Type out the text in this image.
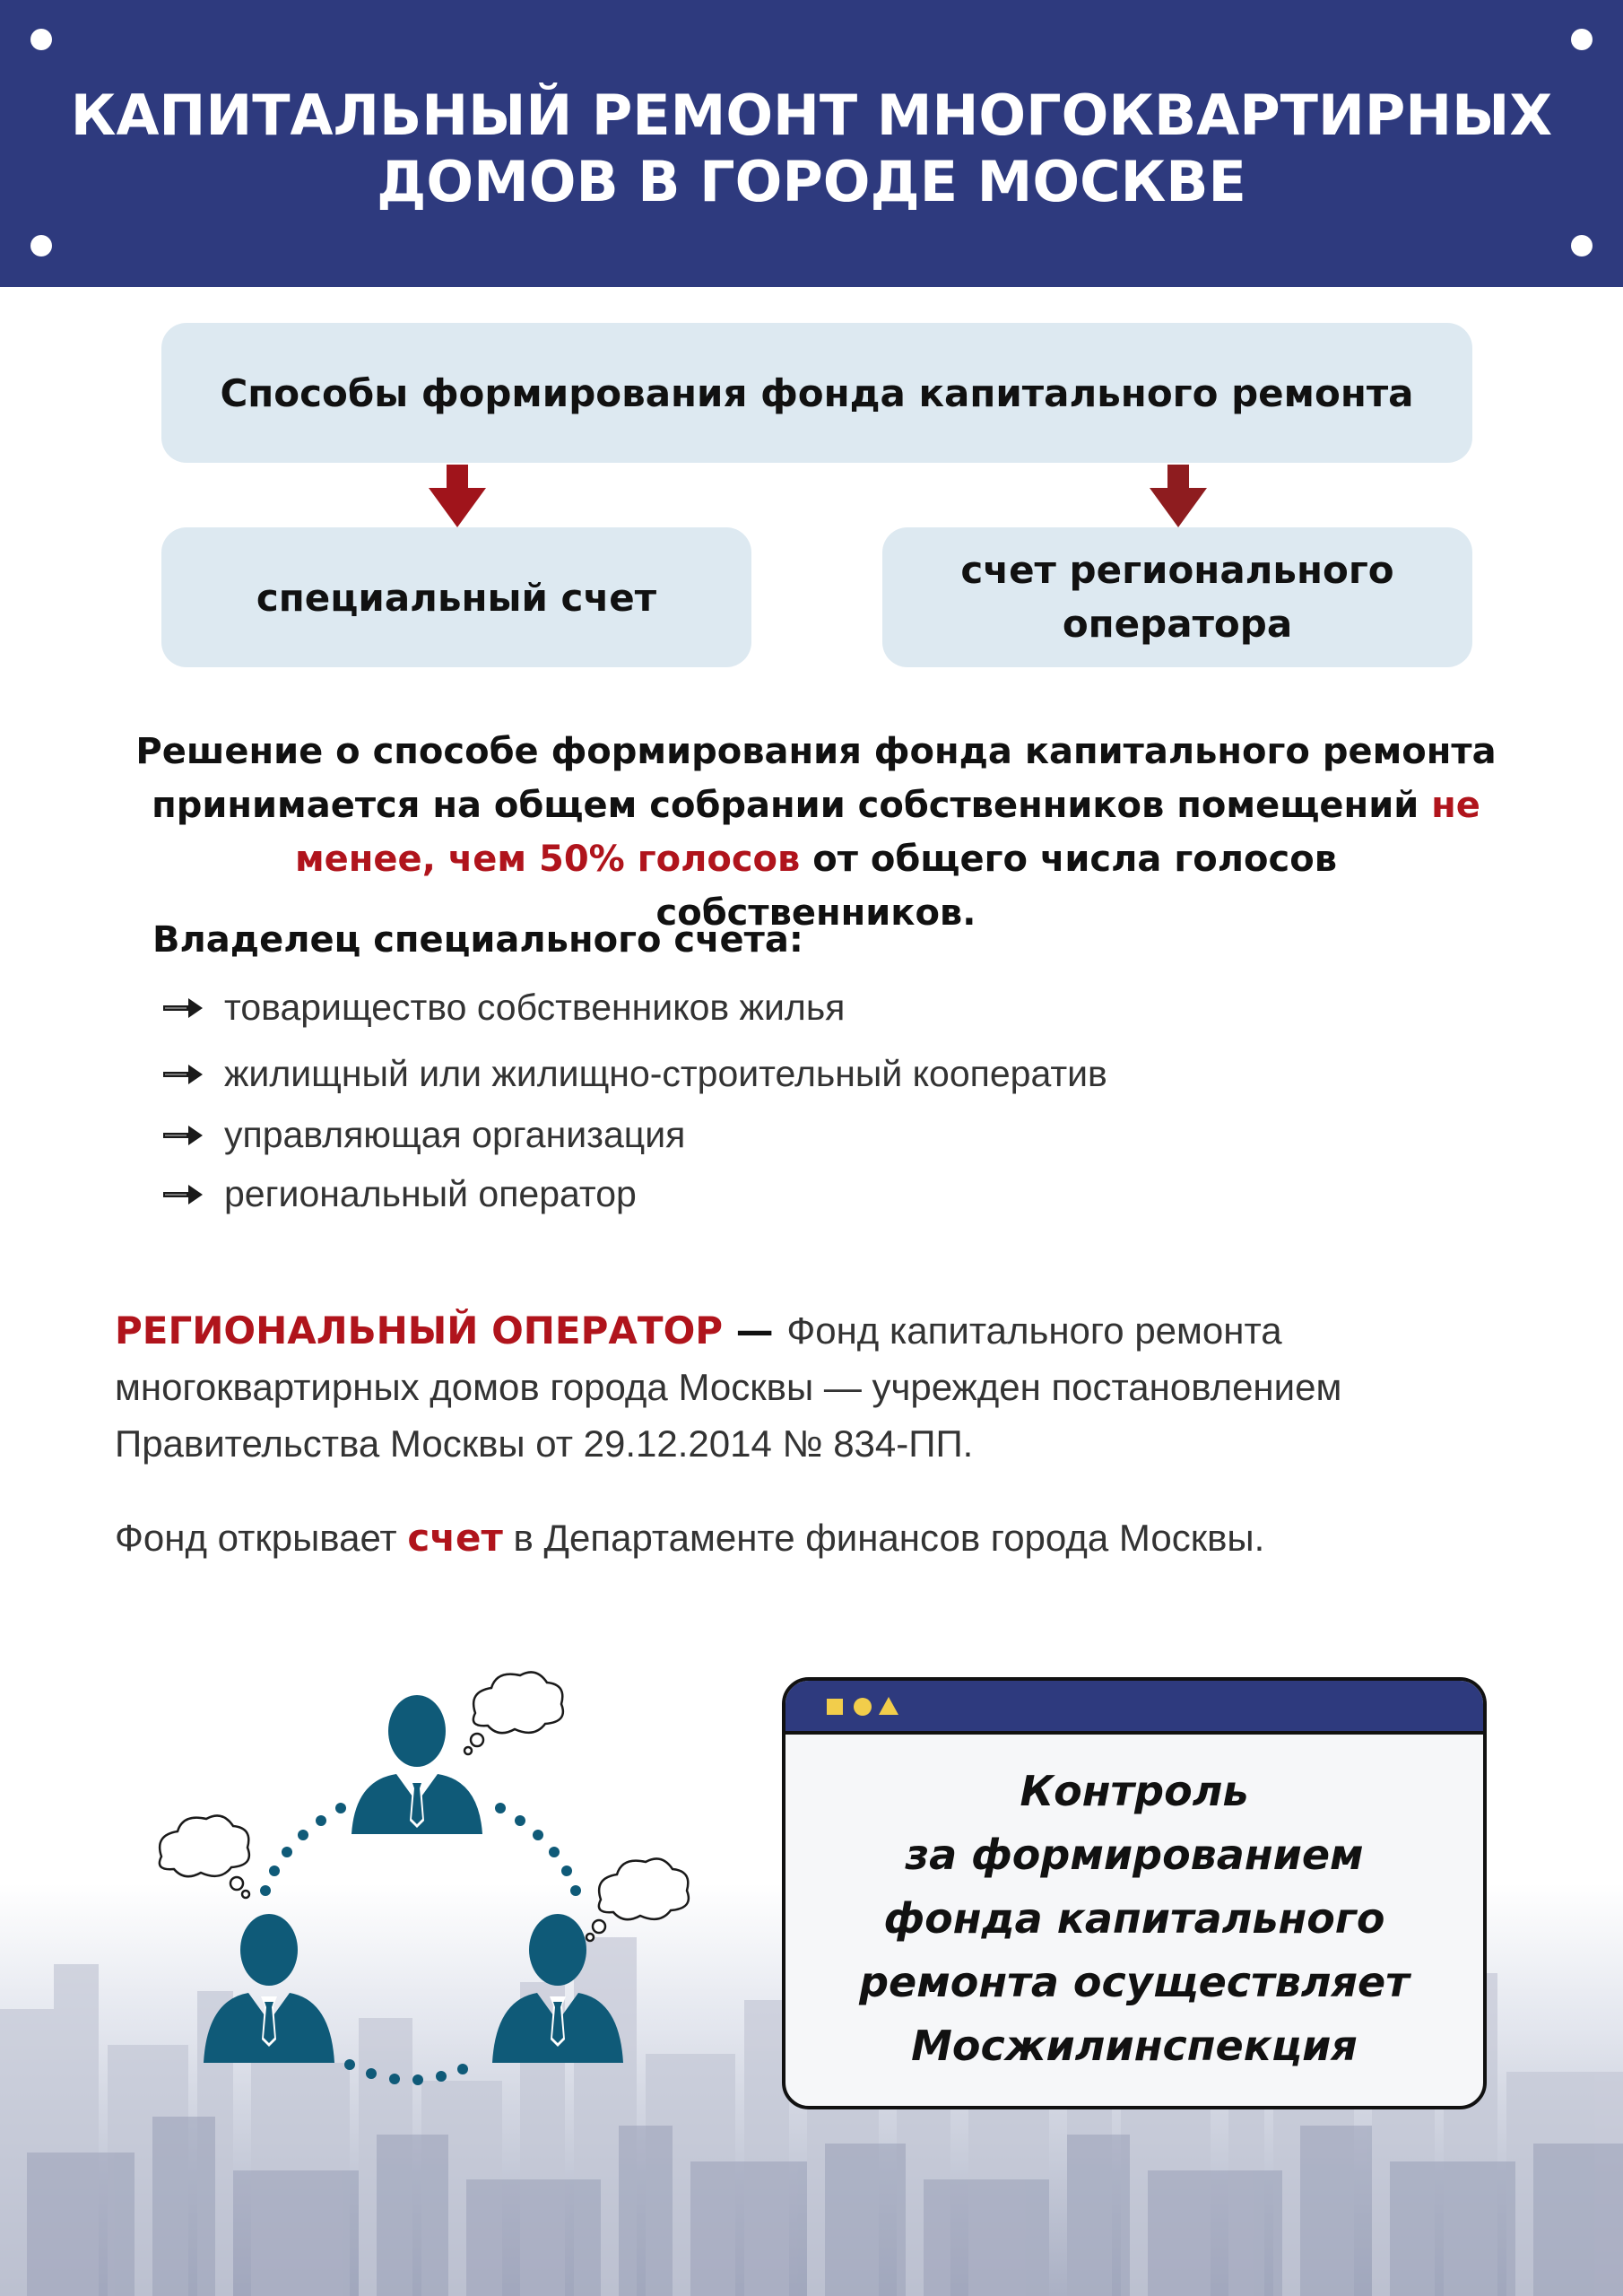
КАПИТАЛЬНЫЙ РЕМОНТ МНОГОКВАРТИРНЫХ
ДОМОВ В ГОРОДЕ МОСКВЕ
Способы формирования фонда капитального ремонта
специальный счет
счет регионального
оператора
Решение о способе формирования фонда капитального ремонта принимается на общем собрании собственников помещений не менее, чем 50% голосов от общего числа голосов собственников.
Владелец специального счета:
товарищество собственников жилья
жилищный или жилищно-строительный кооператив
управляющая организация
региональный оператор
РЕГИОНАЛЬНЫЙ ОПЕРАТОР — Фонд капитального ремонта многоквартирных домов города Москвы — учрежден постановлением Правительства Москвы от 29.12.2014 № 834-ПП.
Фонд открывает счет в Департаменте финансов города Москвы.
Контроль
за формированием
фонда капитального
ремонта осуществляет
Мосжилинспекция
